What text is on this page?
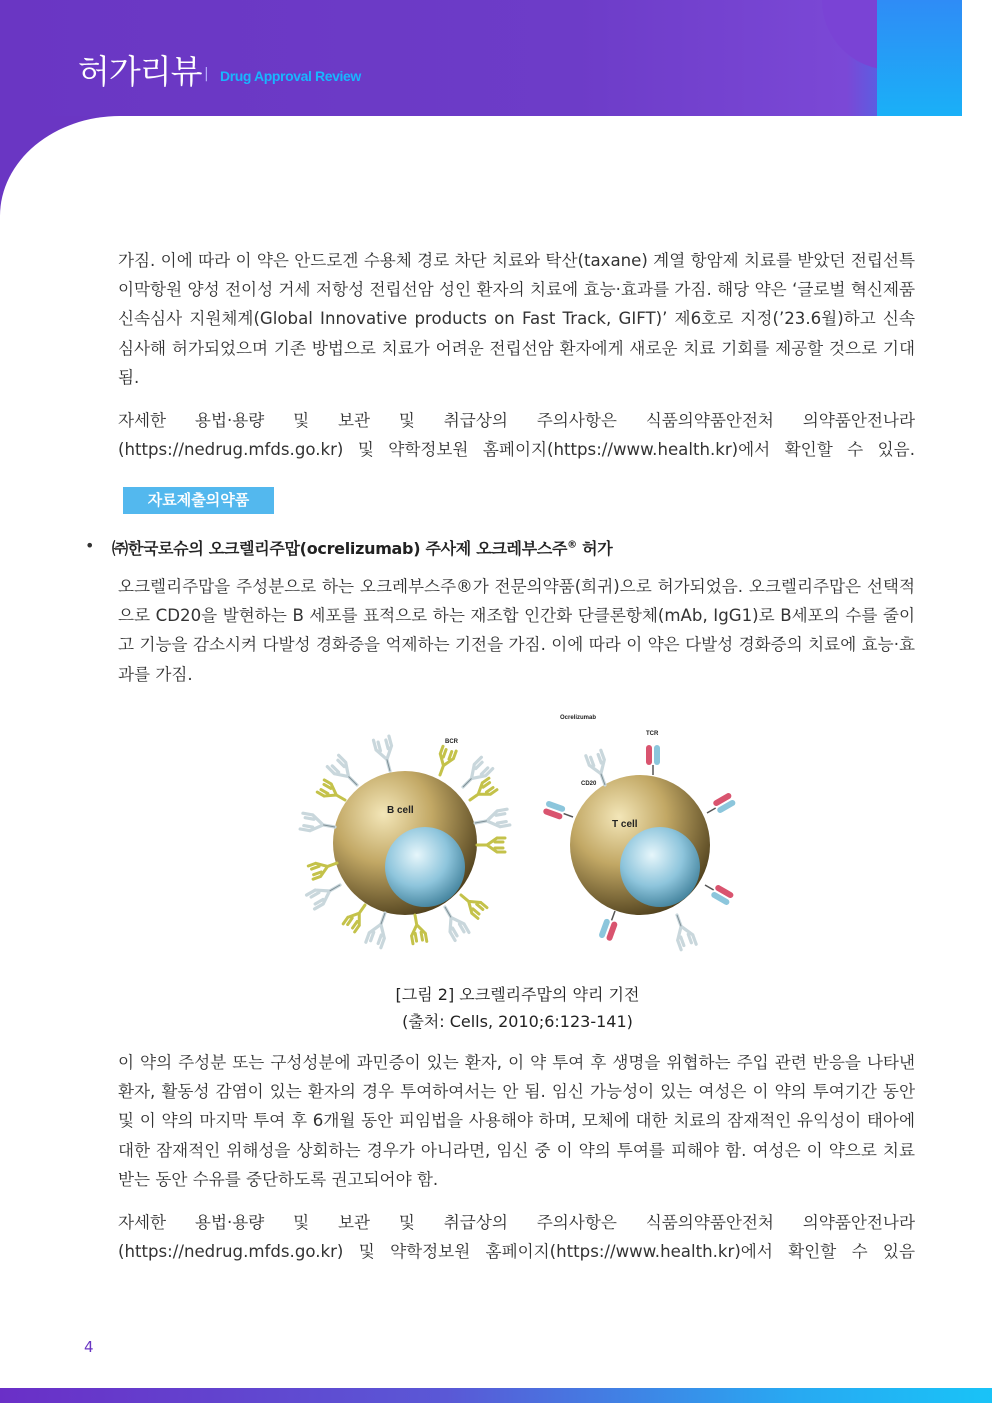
허가리뷰 | Drug Approval Review

가짐. 이에 따라 이 약은 안드로겐 수용체 경로 차단 치료와 탁산(taxane) 계열 항암제 치료를 받았던 전립선특이막항원 양성 전이성 거세 저항성 전립선암 성인 환자의 치료에 효능·효과를 가짐. 해당 약은 ‘글로벌 혁신제품 신속심사 지원체계(Global Innovative products on Fast Track, GIFT)’ 제6호로 지정(’23.6월)하고 신속 심사해 허가되었으며 기존 방법으로 치료가 어려운 전립선암 환자에게 새로운 치료 기회를 제공할 것으로 기대됨.

자세한 용법·용량 및 보관 및 취급상의 주의사항은 식품의약품안전처 의약품안전나라(https://nedrug.mfds.go.kr) 및 약학정보원 홈페이지(https://www.health.kr)에서 확인할 수 있음.

자료제출의약품
• ㈜한국로슈의 오크렐리주맙(ocrelizumab) 주사제 오크레부스주® 허가

오크렐리주맙을 주성분으로 하는 오크레부스주®가 전문의약품(희귀)으로 허가되었음. 오크렐리주맙은 선택적으로 CD20을 발현하는 B 세포를 표적으로 하는 재조합 인간화 단클론항체(mAb, IgG1)로 B세포의 수를 줄이고 기능을 감소시켜 다발성 경화증을 억제하는 기전을 가짐. 이에 따라 이 약은 다발성 경화증의 치료에 효능·효과를 가짐.

B cell
BCR
T cell
Ocrelizumab
TCR
CD20

[그림 2] 오크렐리주맙의 약리 기전

(출처: Cells, 2010;6:123-141)

이 약의 주성분 또는 구성성분에 과민증이 있는 환자, 이 약 투여 후 생명을 위협하는 주입 관련 반응을 나타낸 환자, 활동성 감염이 있는 환자의 경우 투여하여서는 안 됨. 임신 가능성이 있는 여성은 이 약의 투여기간 동안 및 이 약의 마지막 투여 후 6개월 동안 피임법을 사용해야 하며, 모체에 대한 치료의 잠재적인 유익성이 태아에 대한 잠재적인 위해성을 상회하는 경우가 아니라면, 임신 중 이 약의 투여를 피해야 함. 여성은 이 약으로 치료받는 동안 수유를 중단하도록 권고되어야 함.

자세한 용법·용량 및 보관 및 취급상의 주의사항은 식품의약품안전처 의약품안전나라(https://nedrug.mfds.go.kr) 및 약학정보원 홈페이지(https://www.health.kr)에서 확인할 수 있음

4
